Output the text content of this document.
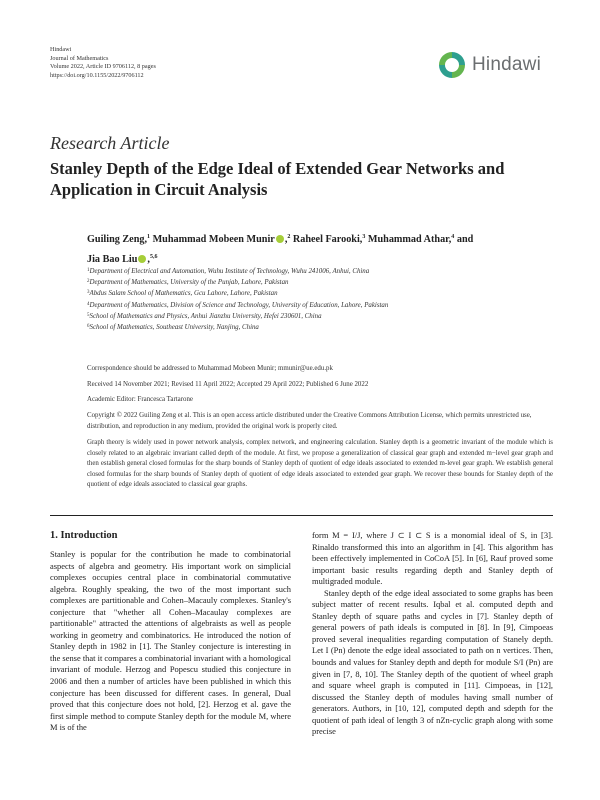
Hindawi
Journal of Mathematics
Volume 2022, Article ID 9706112, 8 pages
https://doi.org/10.1155/2022/9706112
Hindawi
Research Article
Stanley Depth of the Edge Ideal of Extended Gear Networks and Application in Circuit Analysis
Guiling Zeng,$^1$ Muhammad Mobeen Munir ,$^2$ Raheel Farooki,$^3$ Muhammad Athar,$^4$ and Jia Bao Liu ,$^{5,6}$
$^1$Department of Electrical and Automation, Wuhu Institute of Technology, Wuhu 241006, Anhui, China
$^2$Department of Mathematics, University of the Punjab, Lahore, Pakistan
$^3$Abdus Salam School of Mathematics, Gcu Lahore, Lahore, Pakistan
$^4$Department of Mathematics, Division of Science and Technology, University of Education, Lahore, Pakistan
$^5$School of Mathematics and Physics, Anhui Jianzhu University, Hefei 230601, China
$^6$School of Mathematics, Southeast University, Nanjing, China
Correspondence should be addressed to Muhammad Mobeen Munir; mmunir@ue.edu.pk
Received 14 November 2021; Revised 11 April 2022; Accepted 29 April 2022; Published 6 June 2022
Academic Editor: Francesca Tartarone
Copyright © 2022 Guiling Zeng et al. This is an open access article distributed under the Creative Commons Attribution License, which permits unrestricted use, distribution, and reproduction in any medium, provided the original work is properly cited.
Graph theory is widely used in power network analysis, complex network, and engineering calculation. Stanley depth is a geometric invariant of the module which is closely related to an algebraic invariant called depth of the module. At first, we propose a generalization of classical gear graph and extended m−level gear graph and then establish general closed formulas for the sharp bounds of Stanley depth of quotient of edge ideals associated to extended m-level gear graph. We establish general closed formulas for the sharp bounds of Stanley depth of quotient of edge ideals associated to extended gear graph. We recover these bounds for Stanley depth of the quotient of edge ideals associated to classical gear graphs.
1. Introduction

Stanley is popular for the contribution he made to combinatorial aspects of algebra and geometry. His important work on simplicial complexes occupies central place in combinatorial commutative algebra. Roughly speaking, the two of the most important such complexes are partitionable and Cohen–Macauly complexes. Stanley's conjecture that "whether all Cohen–Macaulay complexes are partitionable" attracted the attentions of algebraists as well as people working in geometry and combinatorics. He introduced the notion of Stanley depth in 1982 in [1]. The Stanley conjecture is interesting in the sense that it compares a combinatorial invariant with a homological invariant of module. Herzog and Popescu studied this conjecture in 2006 and then a number of articles have been published in which this conjecture has been discussed for different cases. In general, Dual proved that this conjecture does not hold, [2]. Herzog et al. gave the first simple method to compute Stanley depth for the module M, where M is of the

form M = I/J, where J ⊂ I ⊂ S is a monomial ideal of S, in [3]. Rinaldo transformed this into an algorithm in [4]. This algorithm has been effectively implemented in CoCoA [5]. In [6], Rauf proved some important basic results regarding depth and Stanley depth of multigraded module.

Stanley depth of the edge ideal associated to some graphs has been subject matter of recent results. Iqbal et al. computed depth and Stanley depth of square paths and cycles in [7]. Stanley depth of general powers of path ideals is computed in [8]. In [9], Cimpoeas proved several inequalities regarding computation of Stanely depth. Let I (Pn) denote the edge ideal associated to path on n vertices. Then, bounds and values for Stanley depth and depth for module S/I (Pn) are given in [7, 8, 10]. The Stanley depth of the quotient of wheel graph and square wheel graph is computed in [11]. Cimpoeas, in [12], discussed the Stanley depth of modules having small number of generators. Authors, in [10, 12], computed depth and sdepth for the quotient of path ideal of length 3 of nZn-cyclic graph along with some precise
